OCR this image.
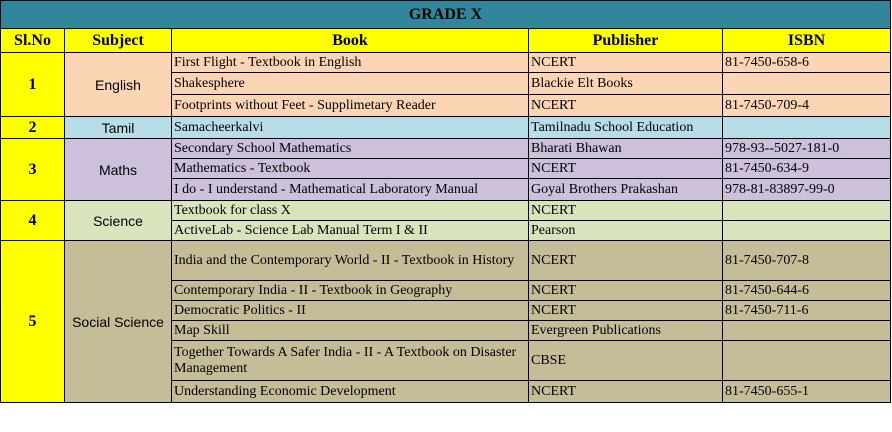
GRADE X				
Sl.No	Subject	Book	Publisher	ISBN
1	English	First Flight - Textbook in English	NCERT	81-7450-658-6
		Shakesphere	Blackie Elt Books	
		Footprints without Feet - Supplimetary Reader	NCERT	81-7450-709-4
2	Tamil	Samacheerkalvi	Tamilnadu School Education	
3	Maths	Secondary School Mathematics	Bharati Bhawan	978-93--5027-181-0
		Mathematics - Textbook	NCERT	81-7450-634-9
		I do - I understand - Mathematical Laboratory Manual	Goyal Brothers Prakashan	978-81-83897-99-0
4	Science	Textbook for class X	NCERT	
		ActiveLab - Science Lab Manual Term I & II	Pearson	
5	Social Science	India and the Contemporary World - II - Textbook in History	NCERT	81-7450-707-8
		Contemporary India - II - Textbook in Geography	NCERT	81-7450-644-6
		Democratic Politics - II	NCERT	81-7450-711-6
		Map Skill	Evergreen Publications	
		Together Towards A Safer India - II - A Textbook on Disaster Management	CBSE	
		Understanding Economic Development	NCERT	81-7450-655-1
